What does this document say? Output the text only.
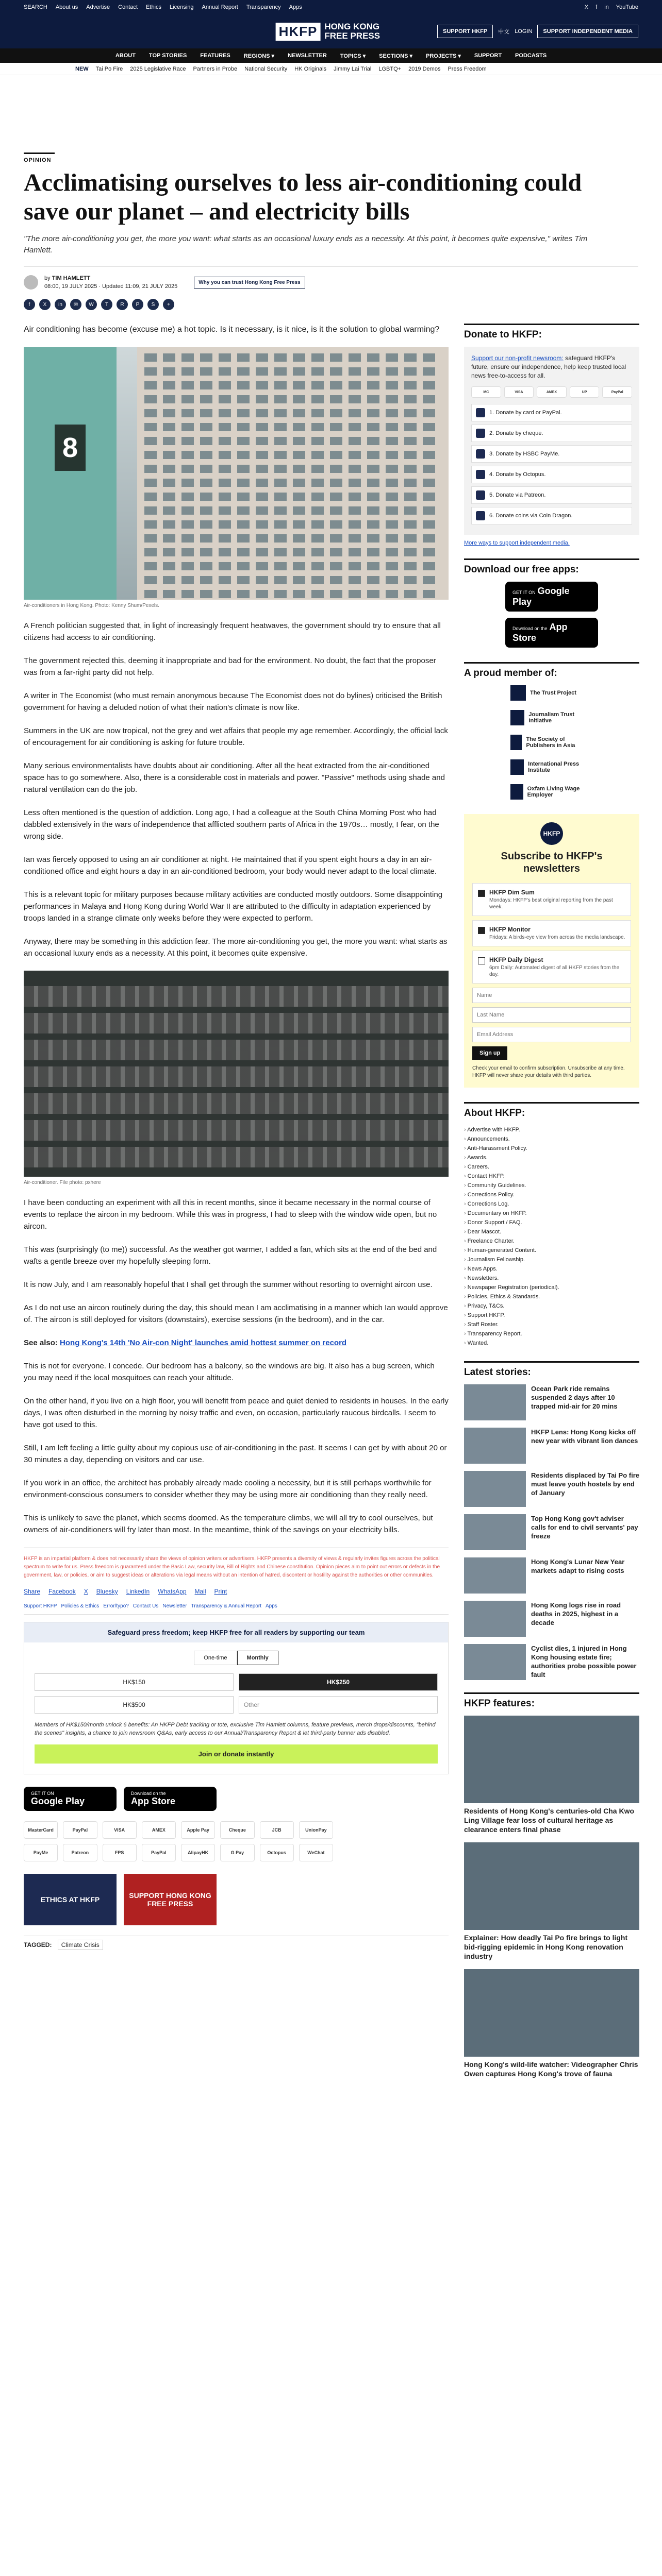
SEARCH About us Advertise Contact Ethics Licensing Annual Report Transparency Apps	X f in YouTube
HKFP HONG KONG FREE PRESS	SUPPORT HKFP	中文 LOGIN	SUPPORT INDEPENDENT MEDIA
ABOUT TOP STORIES FEATURES REGIONS ▾ NEWSLETTER TOPICS ▾ SECTIONS ▾ PROJECTS ▾ SUPPORT PODCASTS
NEW Tai Po Fire 2025 Legislative Race Partners in Probe National Security HK Originals Jimmy Lai Trial LGBTQ+ 2019 Demos Press Freedom
OPINION
Acclimatising ourselves to less air-conditioning could save our planet – and electricity bills

"The more air-conditioning you get, the more you want: what starts as an occasional luxury ends as a necessity. At this point, it becomes quite expensive," writes Tim Hamlett.

by TIM HAMLETT
08:00, 19 JULY 2025 · Updated 11:09, 21 JULY 2025
Why you can trust Hong Kong Free Press
f	X	in	✉	W	T	R	P	S	+

Air conditioning has become (excuse me) a hot topic. Is it necessary, is it nice, is it the solution to global warming?

8
Air-conditioners in Hong Kong. Photo: Kenny Shum/Pexels.

A French politician suggested that, in light of increasingly frequent heatwaves, the government should try to ensure that all citizens had access to air conditioning.

The government rejected this, deeming it inappropriate and bad for the environment. No doubt, the fact that the proposer was from a far-right party did not help.

A writer in The Economist (who must remain anonymous because The Economist does not do bylines) criticised the British government for having a deluded notion of what their nation's climate is now like.

Summers in the UK are now tropical, not the grey and wet affairs that people my age remember. Accordingly, the official lack of encouragement for air conditioning is asking for future trouble.

Many serious environmentalists have doubts about air conditioning. After all the heat extracted from the air-conditioned space has to go somewhere. Also, there is a considerable cost in materials and power. "Passive" methods using shade and natural ventilation can do the job.

Less often mentioned is the question of addiction. Long ago, I had a colleague at the South China Morning Post who had dabbled extensively in the wars of independence that afflicted southern parts of Africa in the 1970s… mostly, I fear, on the wrong side.

Ian was fiercely opposed to using an air conditioner at night. He maintained that if you spent eight hours a day in an air-conditioned office and eight hours a day in an air-conditioned bedroom, your body would never adapt to the local climate.

This is a relevant topic for military purposes because military activities are conducted mostly outdoors. Some disappointing performances in Malaya and Hong Kong during World War II are attributed to the difficulty in adaptation experienced by troops landed in a strange climate only weeks before they were expected to perform.

Anyway, there may be something in this addiction fear. The more air-conditioning you get, the more you want: what starts as an occasional luxury ends as a necessity. At this point, it becomes quite expensive.

Air-conditioner. File photo: pxhere

I have been conducting an experiment with all this in recent months, since it became necessary in the normal course of events to replace the aircon in my bedroom. While this was in progress, I had to sleep with the window wide open, but no aircon.

This was (surprisingly (to me)) successful. As the weather got warmer, I added a fan, which sits at the end of the bed and wafts a gentle breeze over my hopefully sleeping form.

It is now July, and I am reasonably hopeful that I shall get through the summer without resorting to overnight aircon use.

As I do not use an aircon routinely during the day, this should mean I am acclimatising in a manner which Ian would approve of. The aircon is still deployed for visitors (downstairs), exercise sessions (in the bedroom), and in the car.

See also: Hong Kong's 14th 'No Air-con Night' launches amid hottest summer on record

This is not for everyone. I concede. Our bedroom has a balcony, so the windows are big. It also has a bug screen, which you may need if the local mosquitoes can reach your altitude.

On the other hand, if you live on a high floor, you will benefit from peace and quiet denied to residents in houses. In the early days, I was often disturbed in the morning by noisy traffic and even, on occasion, particularly raucous birdcalls. I seem to have got used to this.

Still, I am left feeling a little guilty about my copious use of air-conditioning in the past. It seems I can get by with about 20 or 30 minutes a day, depending on visitors and car use.

If you work in an office, the architect has probably already made cooling a necessity, but it is still perhaps worthwhile for environment-conscious consumers to consider whether they may be using more air conditioning than they really need.

This is unlikely to save the planet, which seems doomed. As the temperature climbs, we will all try to cool ourselves, but owners of air-conditioners will fry later than most. In the meantime, think of the savings on your electricity bills.

HKFP is an impartial platform & does not necessarily share the views of opinion writers or advertisers. HKFP presents a diversity of views & regularly invites figures across the political spectrum to write for us. Press freedom is guaranteed under the Basic Law, security law, Bill of Rights and Chinese constitution. Opinion pieces aim to point out errors or defects in the government, law, or policies, or aim to suggest ideas or alterations via legal means without an intention of hatred, discontent or hostility against the authorities or other communities.
Share Facebook X Bluesky LinkedIn WhatsApp Mail Print
Support HKFP Policies & Ethics Error/typo? Contact Us Newsletter Transparency & Annual Report Apps
Safeguard press freedom; keep HKFP free for all readers by supporting our team
One-time	Monthly
HK$150	HK$250
HK$500	Other
Members of HK$150/month unlock 6 benefits: An HKFP Debt tracking or tote, exclusive Tim Hamlett columns, feature previews, merch drops/discounts, "behind the scenes" insights, a chance to join newsroom Q&As, early access to our Annual/Transparency Report & let third-party banner ads disabled.
Join or donate instantly
GET IT ON
Google Play
Download on the
App Store
MasterCard	PayPal	VISA	AMEX	Apple Pay	Cheque	JCB	UnionPay
PayMe	Patreon	FPS	PayPal	AlipayHK	G Pay	Octopus	WeChat
ETHICS AT HKFP	SUPPORT HONG KONG FREE PRESS
TAGGED: Climate Crisis
Donate to HKFP:

Support our non-profit newsroom: safeguard HKFP's future, ensure our independence, help keep trusted local news free-to-access for all.

MC	VISA	AMEX	UP	PayPal
1. Donate by card or PayPal.
2. Donate by cheque.
3. Donate by HSBC PayMe.
4. Donate by Octopus.
5. Donate via Patreon.
6. Donate coins via Coin Dragon.
More ways to support independent media.
Download our free apps:
GET IT ON Google Play
Download on the App Store
A proud member of:
The Trust Project
Journalism Trust Initiative
The Society of Publishers in Asia
International Press Institute
Oxfam Living Wage Employer
HKFP
Subscribe to HKFP's newsletters
HKFP Dim Sum
Mondays: HKFP's best original reporting from the past week.
HKFP Monitor
Fridays: A birds-eye view from across the media landscape.
HKFP Daily Digest
6pm Daily: Automated digest of all HKFP stories from the day.
Name Last Name Email Address Sign up
Check your email to confirm subscription. Unsubscribe at any time. HKFP will never share your details with third parties.
About HKFP:
› Advertise with HKFP.
› Announcements.
› Anti-Harassment Policy.
› Awards.
› Careers.
› Contact HKFP.
› Community Guidelines.
› Corrections Policy.
› Corrections Log.
› Documentary on HKFP.
› Donor Support / FAQ.
› Dear Mascot.
› Freelance Charter.
› Human-generated Content.
› Journalism Fellowship.
› News Apps.
› Newsletters.
› Newspaper Registration (periodical).
› Policies, Ethics & Standards.
› Privacy, T&Cs.
› Support HKFP.
› Staff Roster.
› Transparency Report.
› Wanted.
Latest stories:
Ocean Park ride remains suspended 2 days after 10 trapped mid-air for 20 mins
HKFP Lens: Hong Kong kicks off new year with vibrant lion dances
Residents displaced by Tai Po fire must leave youth hostels by end of January
Top Hong Kong gov't adviser calls for end to civil servants' pay freeze
Hong Kong's Lunar New Year markets adapt to rising costs
Hong Kong logs rise in road deaths in 2025, highest in a decade
Cyclist dies, 1 injured in Hong Kong housing estate fire; authorities probe possible power fault
HKFP features:
Residents of Hong Kong's centuries-old Cha Kwo Ling Village fear loss of cultural heritage as clearance enters final phase
Explainer: How deadly Tai Po fire brings to light bid-rigging epidemic in Hong Kong renovation industry
Hong Kong's wild-life watcher: Videographer Chris Owen captures Hong Kong's trove of fauna
